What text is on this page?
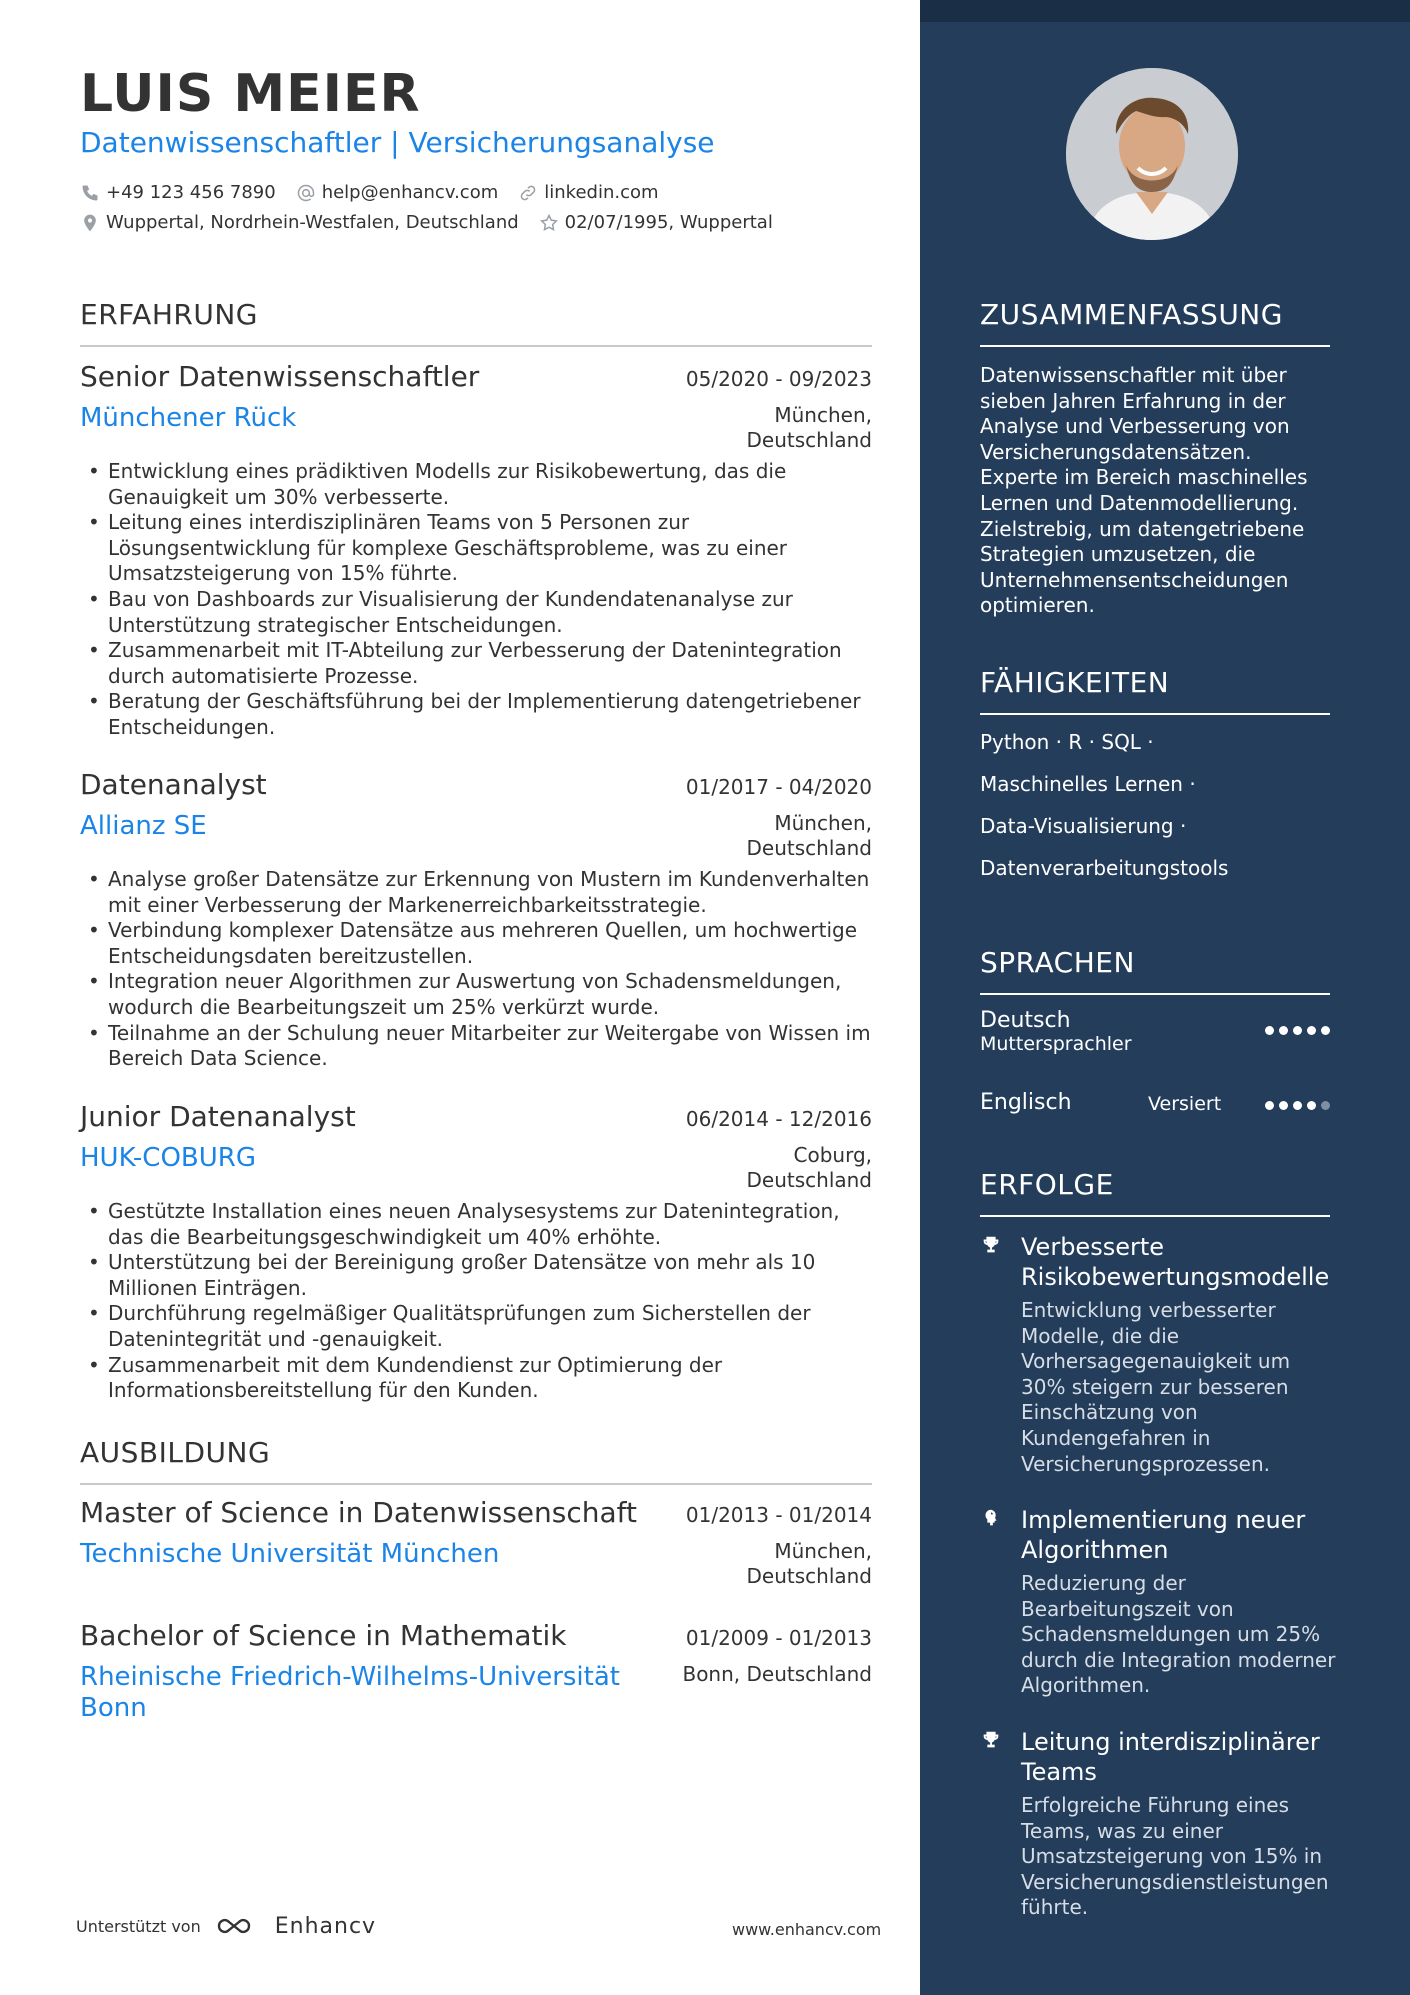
LUIS MEIER
Datenwissenschaftler | Versicherungsanalyse
+49 123 456 7890	help@enhancv.com	linkedin.com
Wuppertal, Nordrhein-Westfalen, Deutschland	02/07/1995, Wuppertal
ERFAHRUNG
Senior Datenwissenschaftler	05/2020 - 09/2023
Münchener Rück	München, Deutschland
• Entwicklung eines prädiktiven Modells zur Risikobewertung, das die Genauigkeit um 30% verbesserte.
• Leitung eines interdisziplinären Teams von 5 Personen zur Lösungsentwicklung für komplexe Geschäftsprobleme, was zu einer Umsatzsteigerung von 15% führte.
• Bau von Dashboards zur Visualisierung der Kundendatenanalyse zur Unterstützung strategischer Entscheidungen.
• Zusammenarbeit mit IT-Abteilung zur Verbesserung der Datenintegration durch automatisierte Prozesse.
• Beratung der Geschäftsführung bei der Implementierung datengetriebener Entscheidungen.
Datenanalyst	01/2017 - 04/2020
Allianz SE	München, Deutschland
• Analyse großer Datensätze zur Erkennung von Mustern im Kundenverhalten mit einer Verbesserung der Markenerreichbarkeitsstrategie.
• Verbindung komplexer Datensätze aus mehreren Quellen, um hochwertige Entscheidungsdaten bereitzustellen.
• Integration neuer Algorithmen zur Auswertung von Schadensmeldungen, wodurch die Bearbeitungszeit um 25% verkürzt wurde.
• Teilnahme an der Schulung neuer Mitarbeiter zur Weitergabe von Wissen im Bereich Data Science.
Junior Datenanalyst	06/2014 - 12/2016
HUK-COBURG	Coburg, Deutschland
• Gestützte Installation eines neuen Analysesystems zur Datenintegration, das die Bearbeitungsgeschwindigkeit um 40% erhöhte.
• Unterstützung bei der Bereinigung großer Datensätze von mehr als 10 Millionen Einträgen.
• Durchführung regelmäßiger Qualitätsprüfungen zum Sicherstellen der Datenintegrität und -genauigkeit.
• Zusammenarbeit mit dem Kundendienst zur Optimierung der Informationsbereitstellung für den Kunden.
AUSBILDUNG
Master of Science in Datenwissenschaft 01/2013 - 01/2014
Technische Universität München	München, Deutschland
Bachelor of Science in Mathematik	01/2009 - 01/2013
Rheinische Friedrich-Wilhelms-Universität Bonn
Bonn, Deutschland
Unterstützt von	Enhancv	www.enhancv.com
ZUSAMMENFASSUNG
Datenwissenschaftler mit über sieben Jahren Erfahrung in der Analyse und Verbesserung von Versicherungsdatensätzen. Experte im Bereich maschinelles Lernen und Datenmodellierung. Zielstrebig, um datengetriebene Strategien umzusetzen, die Unternehmensentscheidungen optimieren.
FÄHIGKEITEN
Python · R · SQL ·
Maschinelles Lernen ·
Data-Visualisierung ·
Datenverarbeitungstools
SPRACHEN
Deutsch
Muttersprachler
Englisch	Versiert
ERFOLGE
Verbesserte Risikobewertungsmodelle
Entwicklung verbesserter Modelle, die die Vorhersagegenauigkeit um 30% steigern zur besseren Einschätzung von Kundengefahren in Versicherungsprozessen.
Implementierung neuer Algorithmen
Reduzierung der Bearbeitungszeit von Schadensmeldungen um 25% durch die Integration moderner Algorithmen.
Leitung interdisziplinärer Teams
Erfolgreiche Führung eines Teams, was zu einer Umsatzsteigerung von 15% in Versicherungsdienstleistungen führte.
